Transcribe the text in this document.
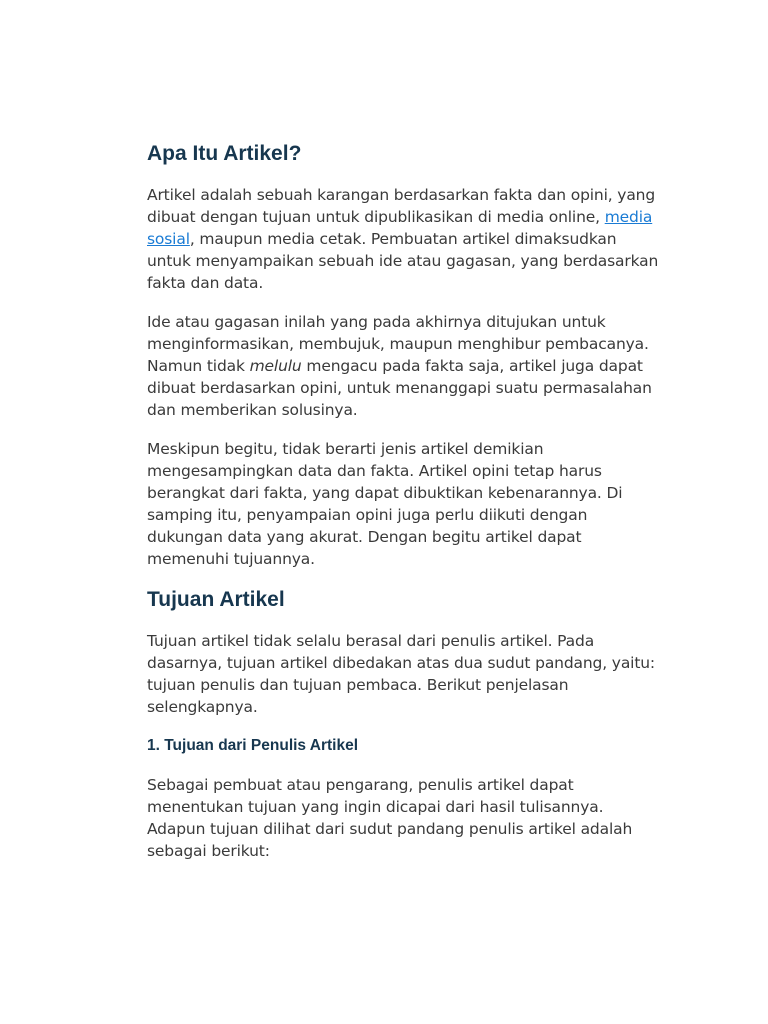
Apa Itu Artikel?

Artikel adalah sebuah karangan berdasarkan fakta dan opini, yang dibuat dengan tujuan untuk dipublikasikan di media online, media sosial, maupun media cetak. Pembuatan artikel dimaksudkan untuk menyampaikan sebuah ide atau gagasan, yang berdasarkan fakta dan data.

Ide atau gagasan inilah yang pada akhirnya ditujukan untuk menginformasikan, membujuk, maupun menghibur pembacanya. Namun tidak melulu mengacu pada fakta saja, artikel juga dapat dibuat berdasarkan opini, untuk menanggapi suatu permasalahan dan memberikan solusinya.

Meskipun begitu, tidak berarti jenis artikel demikian mengesampingkan data dan fakta. Artikel opini tetap harus berangkat dari fakta, yang dapat dibuktikan kebenarannya. Di samping itu, penyampaian opini juga perlu diikuti dengan dukungan data yang akurat. Dengan begitu artikel dapat memenuhi tujuannya.

Tujuan Artikel

Tujuan artikel tidak selalu berasal dari penulis artikel. Pada dasarnya, tujuan artikel dibedakan atas dua sudut pandang, yaitu: tujuan penulis dan tujuan pembaca. Berikut penjelasan selengkapnya.

1. Tujuan dari Penulis Artikel

Sebagai pembuat atau pengarang, penulis artikel dapat menentukan tujuan yang ingin dicapai dari hasil tulisannya. Adapun tujuan dilihat dari sudut pandang penulis artikel adalah sebagai berikut:
